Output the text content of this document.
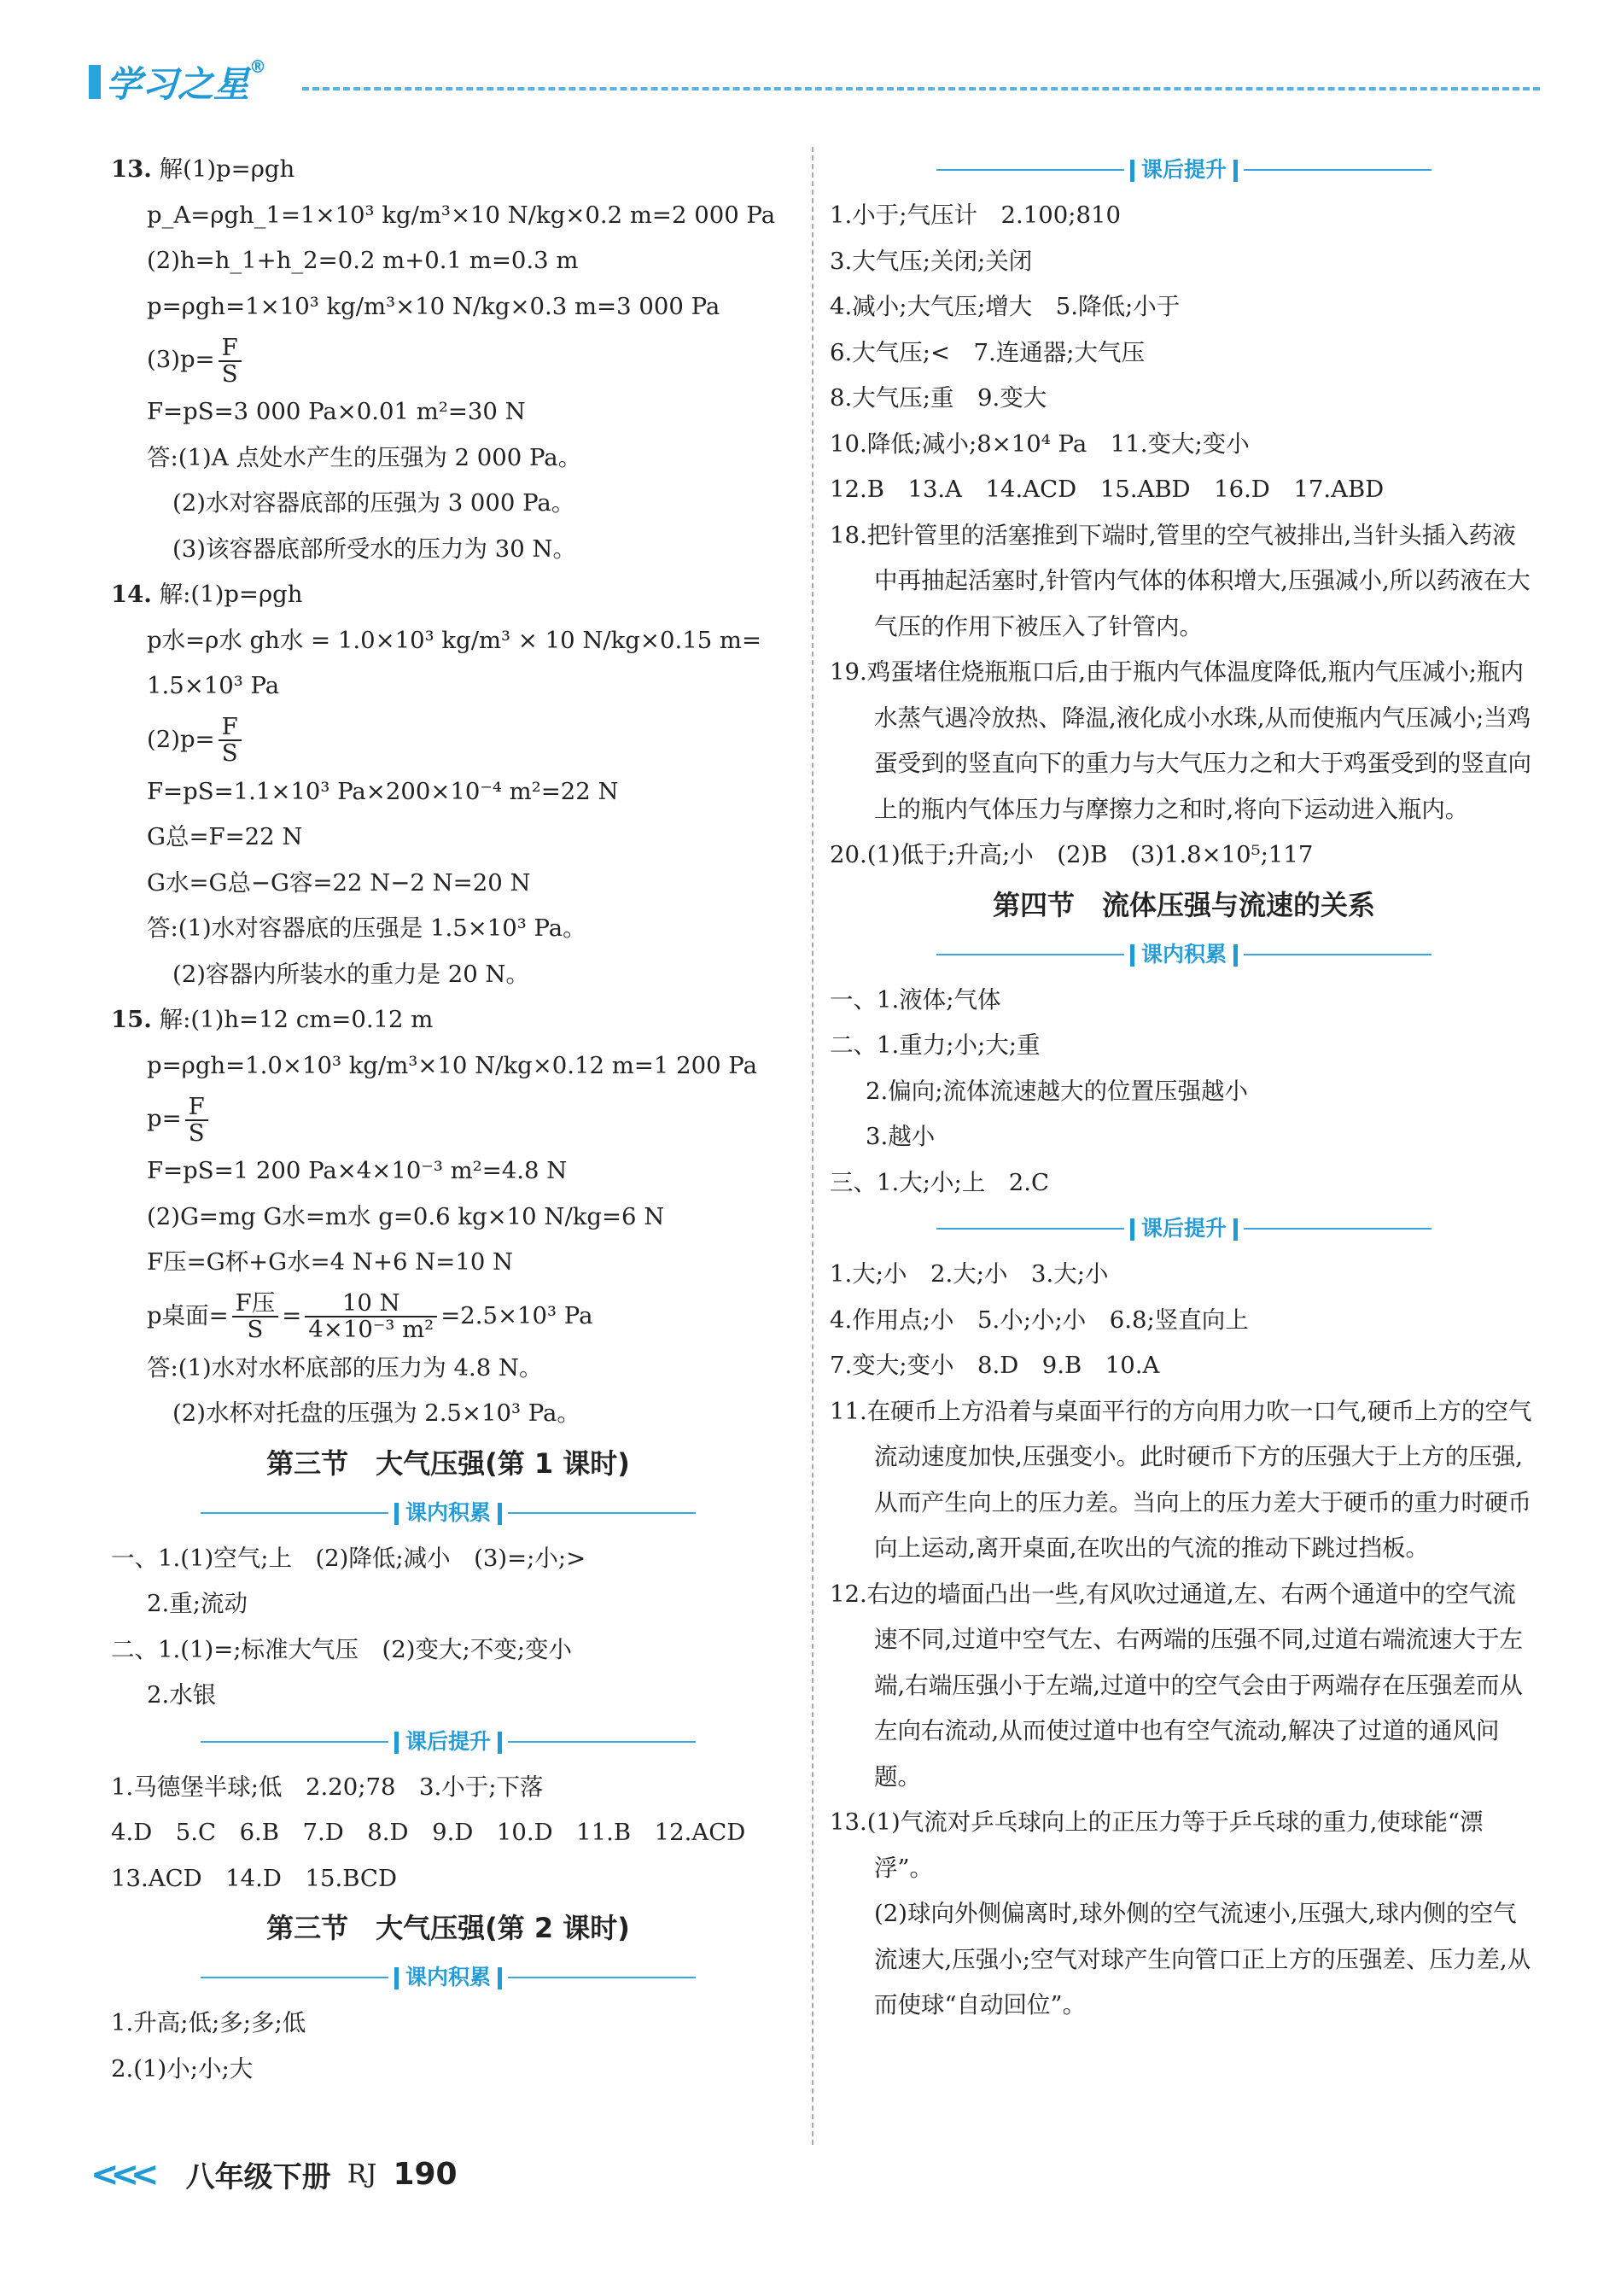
学习之星®
13. 解(1)p=ρgh
p_A=ρgh_1=1×10³ kg/m³×10 N/kg×0.2 m=2 000 Pa
(2)h=h_1+h_2=0.2 m+0.1 m=0.3 m
p=ρgh=1×10³ kg/m³×10 N/kg×0.3 m=3 000 Pa
$(3)p= \frac{F}{S}$
F=pS=3 000 Pa×0.01 m²=30 N
答:(1)A 点处水产生的压强为 2 000 Pa。
(2)水对容器底部的压强为 3 000 Pa。
(3)该容器底部所受水的压力为 30 N。
14. 解:(1)p=ρgh
p水=ρ水 gh水 = 1.0×10³ kg/m³ × 10 N/kg×0.15 m=
1.5×10³ Pa
$(2)p= \frac{F}{S}$
F=pS=1.1×10³ Pa×200×10⁻⁴ m²=22 N
G总=F=22 N
G水=G总−G容=22 N−2 N=20 N
答:(1)水对容器底的压强是 1.5×10³ Pa。
(2)容器内所装水的重力是 20 N。
15. 解:(1)h=12 cm=0.12 m
p=ρgh=1.0×10³ kg/m³×10 N/kg×0.12 m=1 200 Pa
$p= \frac{F}{S}$
F=pS=1 200 Pa×4×10⁻³ m²=4.8 N
(2)G=mg G水=m水 g=0.6 kg×10 N/kg=6 N
F压=G杯+G水=4 N+6 N=10 N
p桌面= $\frac{\text{F压}}{S} = \frac{10 N}{\text{4×10⁻³ m²}} =2.5\times 10^3$ Pa
答:(1)水对水杯底部的压力为 4.8 N。
(2)水杯对托盘的压强为 2.5×10³ Pa。
第三节　大气压强(第 1 课时)
课内积累
一、1.(1)空气;上　(2)降低;减小　(3)=;小;>
2.重;流动
二、1.(1)=;标准大气压　(2)变大;不变;变小
2.水银
课后提升
1.马德堡半球;低　2.20;78　3.小于;下落
4.D　5.C　6.B　7.D　8.D　9.D　10.D　11.B　12.ACD
13.ACD　14.D　15.BCD
第三节　大气压强(第 2 课时)
课内积累
1.升高;低;多;多;低
2.(1)小;小;大
课后提升
1.小于;气压计　2.100;810
3.大气压;关闭;关闭
4.减小;大气压;增大　5.降低;小于
6.大气压;<　7.连通器;大气压
8.大气压;重　9.变大
10.降低;减小;8×10⁴ Pa　11.变大;变小
12.B　13.A　14.ACD　15.ABD　16.D　17.ABD
18.把针管里的活塞推到下端时,管里的空气被排出,当针头插入药液中再抽起活塞时,针管内气体的体积增大,压强减小,所以药液在大气压的作用下被压入了针管内。
19.鸡蛋堵住烧瓶瓶口后,由于瓶内气体温度降低,瓶内气压减小;瓶内水蒸气遇冷放热、降温,液化成小水珠,从而使瓶内气压减小;当鸡蛋受到的竖直向下的重力与大气压力之和大于鸡蛋受到的竖直向上的瓶内气体压力与摩擦力之和时,将向下运动进入瓶内。
20.(1)低于;升高;小　(2)B　(3)1.8×10⁵;117
第四节　流体压强与流速的关系
课内积累
一、1.液体;气体
二、1.重力;小;大;重
2.偏向;流体流速越大的位置压强越小
3.越小
三、1.大;小;上　2.C
课后提升
1.大;小　2.大;小　3.大;小
4.作用点;小　5.小;小;小　6.8;竖直向上
7.变大;变小　8.D　9.B　10.A
11.在硬币上方沿着与桌面平行的方向用力吹一口气,硬币上方的空气流动速度加快,压强变小。此时硬币下方的压强大于上方的压强,从而产生向上的压力差。当向上的压力差大于硬币的重力时硬币向上运动,离开桌面,在吹出的气流的推动下跳过挡板。
12.右边的墙面凸出一些,有风吹过通道,左、右两个通道中的空气流速不同,过道中空气左、右两端的压强不同,过道右端流速大于左端,右端压强小于左端,过道中的空气会由于两端存在压强差而从左向右流动,从而使过道中也有空气流动,解决了过道的通风问题。
13.(1)气流对乒乓球向上的正压力等于乒乓球的重力,使球能“漂浮”。
(2)球向外侧偏离时,球外侧的空气流速小,压强大,球内侧的空气流速大,压强小;空气对球产生向管口正上方的压强差、压力差,从而使球“自动回位”。
<<< 八年级下册 RJ 190
